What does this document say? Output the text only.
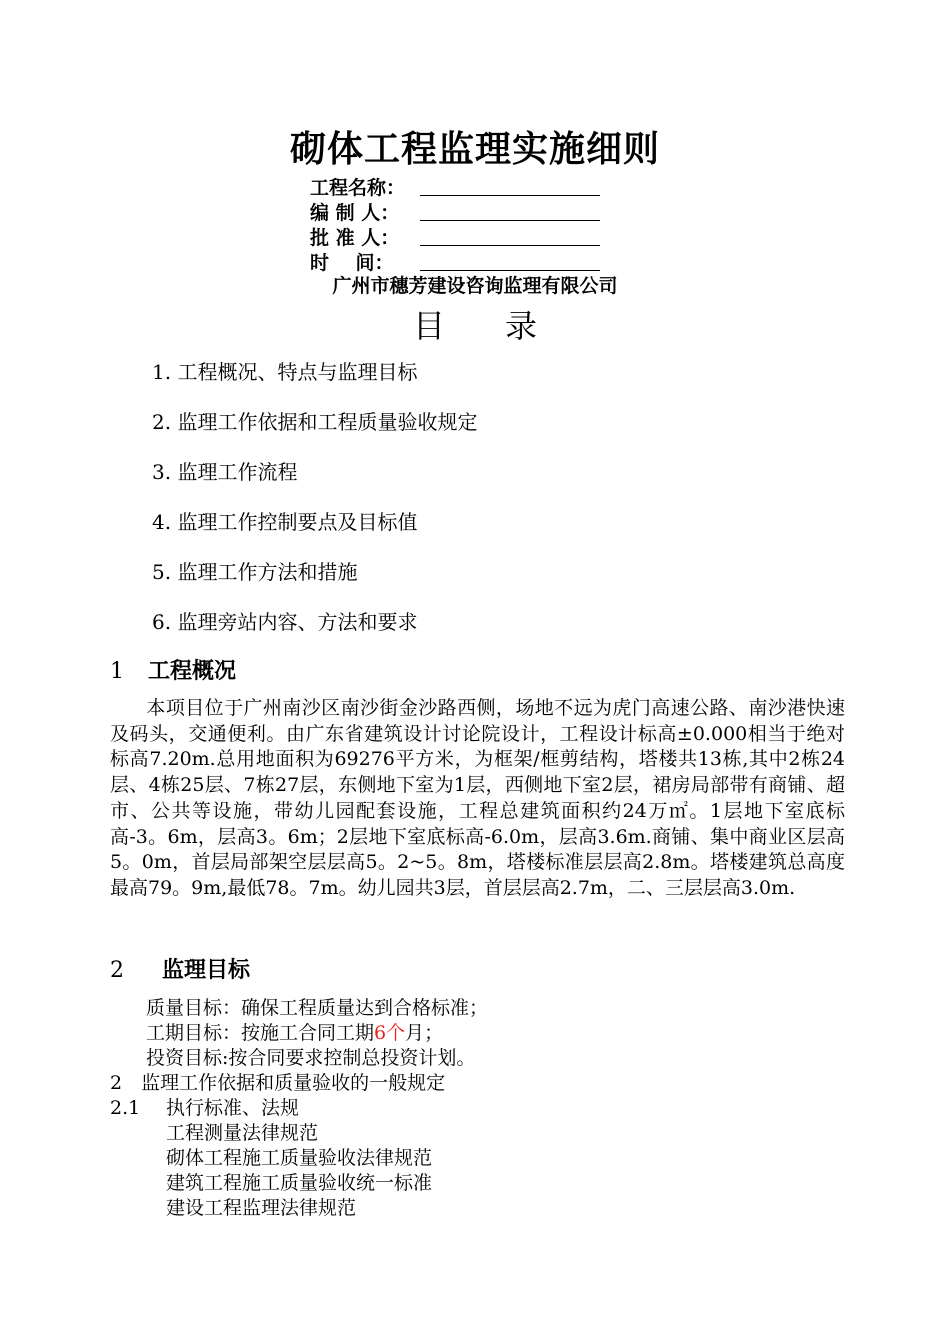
砌体工程监理实施细则
工程名称：
编 制 人：
批 准 人：
时    间：
广州市穗芳建设咨询监理有限公司
目 录
1. 工程概况、特点与监理目标
2. 监理工作依据和工程质量验收规定
3. 监理工作流程
4. 监理工作控制要点及目标值
5. 监理工作方法和措施
6. 监理旁站内容、方法和要求
1 工程概况

本项目位于广州南沙区南沙街金沙路西侧，场地不远为虎门高速公路、南沙港快速及码头，交通便利。由广东省建筑设计讨论院设计，工程设计标高±0.000相当于绝对标高7.20m.总用地面积为69276平方米，为框架/框剪结构，塔楼共13栋,其中2栋24层、4栋25层、7栋27层，东侧地下室为1层，西侧地下室2层，裙房局部带有商铺、超市、公共等设施，带幼儿园配套设施，工程总建筑面积约24万㎡。1层地下室底标高-3。6m，层高3。6m；2层地下室底标高-6.0m，层高3.6m.商铺、集中商业区层高5。0m，首层局部架空层层高5。2~5。8m，塔楼标准层层高2.8m。塔楼建筑总高度最高79。9m,最低78。7m。幼儿园共3层，首层层高2.7m，二、三层层高3.0m.

2 监理目标
质量目标：确保工程质量达到合格标准；
工期目标：按施工合同工期6个月；
投资目标:按合同要求控制总投资计划。
2　监理工作依据和质量验收的一般规定
2.1 执行标准、法规
工程测量法律规范
砌体工程施工质量验收法律规范
建筑工程施工质量验收统一标准
建设工程监理法律规范
